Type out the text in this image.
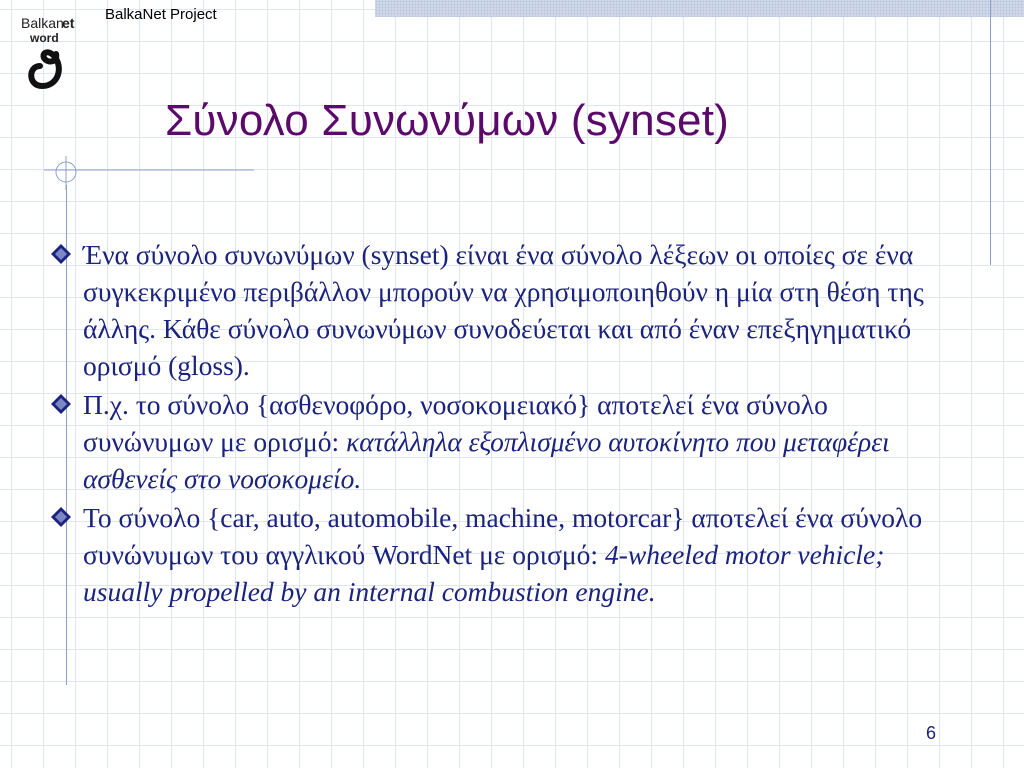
Balkan
et
word
BalkaNet Project
Σύνολο Συνωνύμων (synset)
Ένα σύνολο συνωνύμων (synset) είναι ένα σύνολο λέξεων οι οποίες σε ένα συγκεκριμένο περιβάλλον μπορούν να χρησιμοποιηθούν η μία στη θέση της άλλης. Κάθε σύνολο συνωνύμων συνοδεύεται και από έναν επεξηγηματικό ορισμό (gloss).
Π.χ. το σύνολο {ασθενοφόρο, νοσοκομειακό} αποτελεί ένα σύνολο συνώνυμων με ορισμό: κατάλληλα εξοπλισμένο αυτοκίνητο που μεταφέρει ασθενείς στο νοσοκομείο.
Το σύνολο {car, auto, automobile, machine, motorcar} αποτελεί ένα σύνολο συνώνυμων του αγγλικού WordNet με ορισμό: 4-wheeled motor vehicle; usually propelled by an internal combustion engine.
6
